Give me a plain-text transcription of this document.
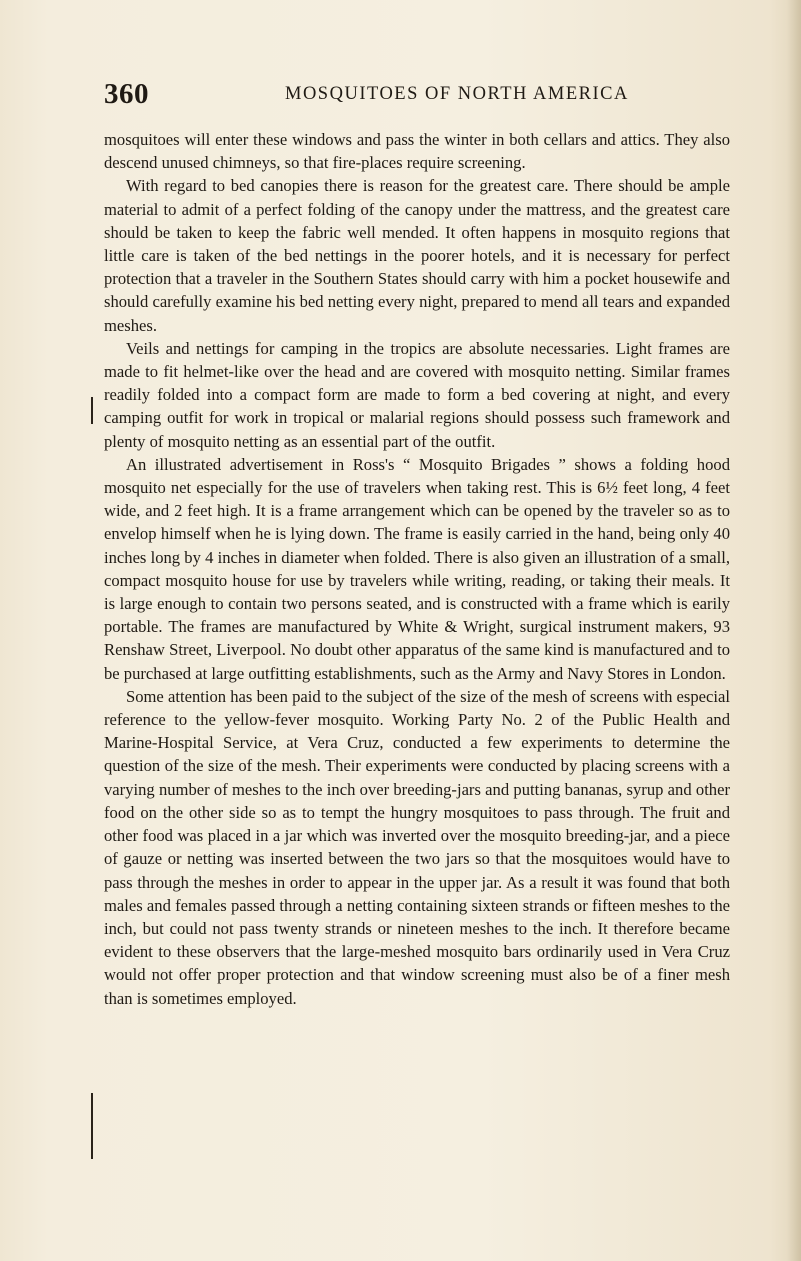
360	MOSQUITOES OF NORTH AMERICA

mosquitoes will enter these windows and pass the winter in both cellars and attics. They also descend unused chimneys, so that fire-places require screening.

With regard to bed canopies there is reason for the greatest care. There should be ample material to admit of a perfect folding of the canopy under the mattress, and the greatest care should be taken to keep the fabric well mended. It often happens in mosquito regions that little care is taken of the bed nettings in the poorer hotels, and it is necessary for perfect protection that a traveler in the Southern States should carry with him a pocket housewife and should carefully examine his bed netting every night, prepared to mend all tears and expanded meshes.

Veils and nettings for camping in the tropics are absolute necessaries. Light frames are made to fit helmet-like over the head and are covered with mosquito netting. Similar frames readily folded into a compact form are made to form a bed covering at night, and every camping outfit for work in tropical or malarial regions should possess such framework and plenty of mosquito netting as an essential part of the outfit.

An illustrated advertisement in Ross's “ Mosquito Brigades ” shows a folding hood mosquito net especially for the use of travelers when taking rest. This is 6½ feet long, 4 feet wide, and 2 feet high. It is a frame arrangement which can be opened by the traveler so as to envelop himself when he is lying down. The frame is easily carried in the hand, being only 40 inches long by 4 inches in diameter when folded. There is also given an illustration of a small, compact mosquito house for use by travelers while writing, reading, or taking their meals. It is large enough to contain two persons seated, and is constructed with a frame which is earily portable. The frames are manufactured by White & Wright, surgical instrument makers, 93 Renshaw Street, Liverpool. No doubt other apparatus of the same kind is manufactured and to be purchased at large outfitting establishments, such as the Army and Navy Stores in London.

Some attention has been paid to the subject of the size of the mesh of screens with especial reference to the yellow-fever mosquito. Working Party No. 2 of the Public Health and Marine-Hospital Service, at Vera Cruz, conducted a few experiments to determine the question of the size of the mesh. Their experiments were conducted by placing screens with a varying number of meshes to the inch over breeding-jars and putting bananas, syrup and other food on the other side so as to tempt the hungry mosquitoes to pass through. The fruit and other food was placed in a jar which was inverted over the mosquito breeding-jar, and a piece of gauze or netting was inserted between the two jars so that the mosquitoes would have to pass through the meshes in order to appear in the upper jar. As a result it was found that both males and females passed through a netting containing sixteen strands or fifteen meshes to the inch, but could not pass twenty strands or nineteen meshes to the inch. It therefore became evident to these observers that the large-meshed mosquito bars ordinarily used in Vera Cruz would not offer proper protection and that window screening must also be of a finer mesh than is sometimes employed.
